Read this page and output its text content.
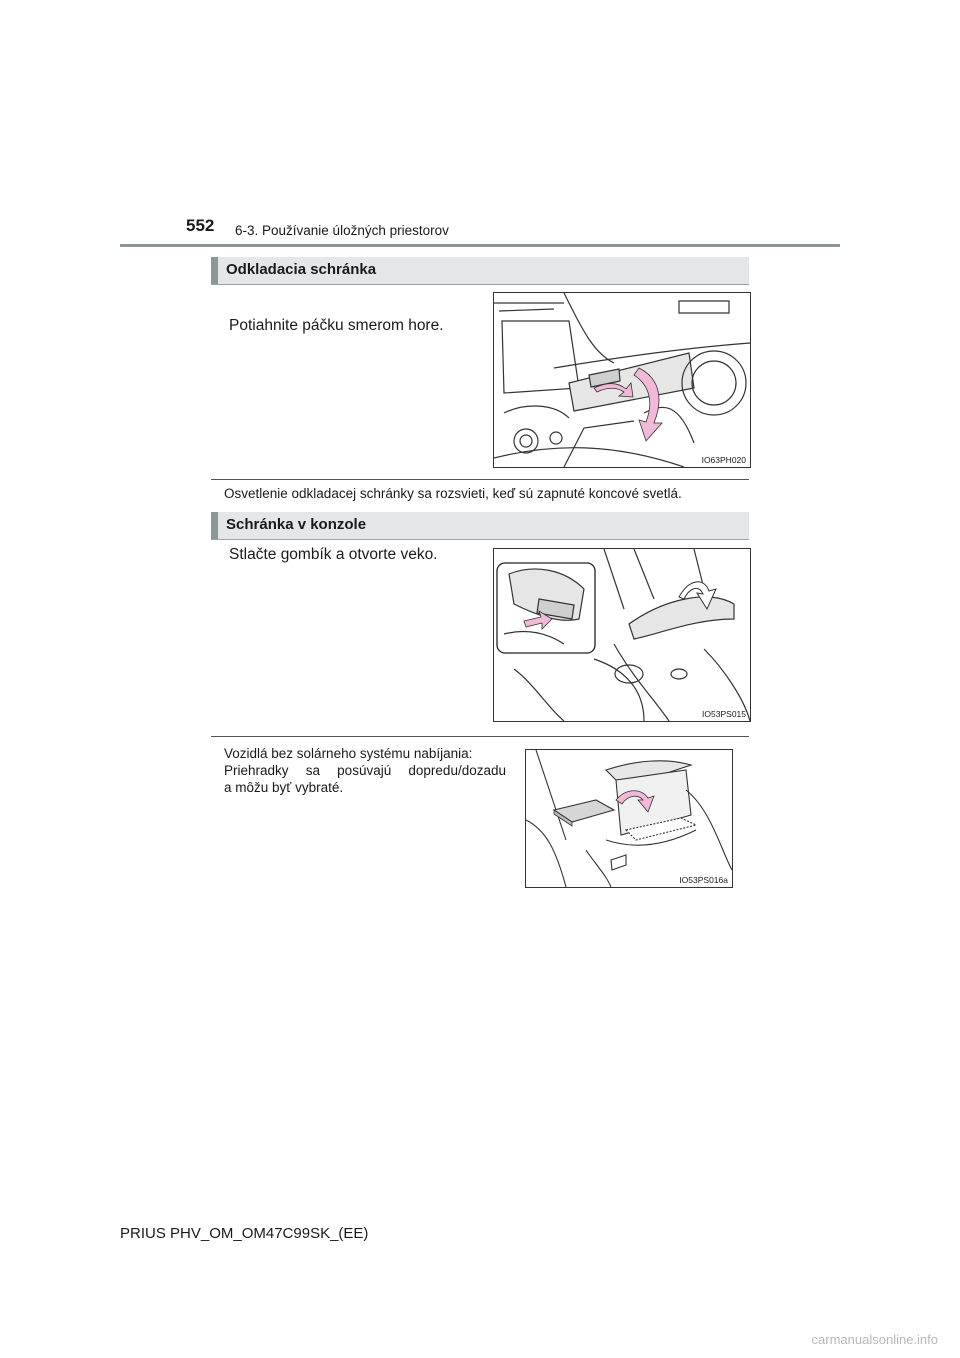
552 6-3. Používanie úložných priestorov
Odkladacia schránka
Potiahnite páčku smerom hore.
IO63PH020
Osvetlenie odkladacej schránky sa rozsvieti, keď sú zapnuté koncové svetlá.
Schránka v konzole
Stlačte gombík a otvorte veko.
IO53PS015
Vozidlá bez solárneho systému nabíjania:
Priehradky sa posúvajú dopredu/dozadu
a môžu byť vybraté.
IO53PS016a
PRIUS PHV_OM_OM47C99SK_(EE)
carmanualsonline.info
